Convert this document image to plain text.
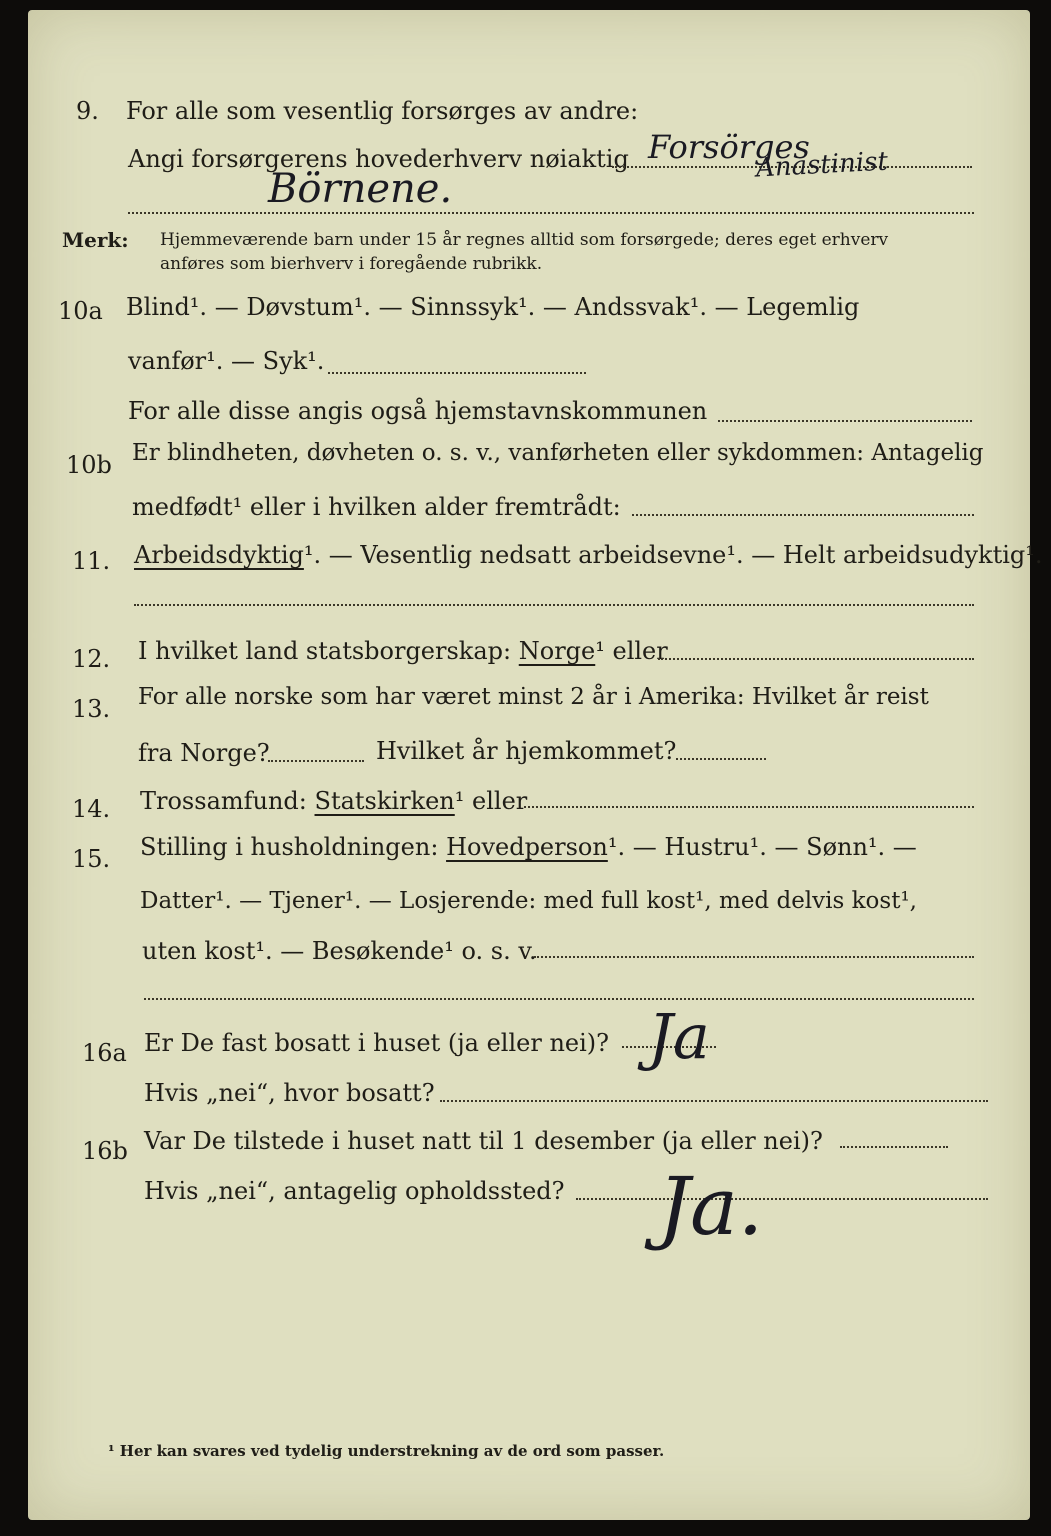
9. For alle som vesentlig forsørges av andre:
Angi forsørgerens hovederhverv nøiaktig Forsörges
Anastinist
Börnene.
Merk: Hjemmeværende barn under 15 år regnes alltid som forsørgede; deres eget erhverv
anføres som bierhverv i foregående rubrikk.
10a Blind¹. — Døvstum¹. — Sinnssyk¹. — Andssvak¹. — Legemlig
vanfør¹. — Syk¹.
For alle disse angis også hjemstavnskommunen
10b Er blindheten, døvheten o. s. v., vanførheten eller sykdommen: Antagelig
medfødt¹ eller i hvilken alder fremtrådt:
11. Arbeidsdyktig¹. — Vesentlig nedsatt arbeidsevne¹. — Helt arbeidsudyktig¹.
12. I hvilket land statsborgerskap: Norge¹ eller
13. For alle norske som har været minst 2 år i Amerika: Hvilket år reist
fra Norge?	Hvilket år hjemkommet?
14. Trossamfund: Statskirken¹ eller
15. Stilling i husholdningen: Hovedperson¹. — Hustru¹. — Sønn¹. —
Datter¹. — Tjener¹. — Losjerende: med full kost¹, med delvis kost¹,
uten kost¹. — Besøkende¹ o. s. v.
16a Er De fast bosatt i huset (ja eller nei)? Ja
Hvis „nei“, hvor bosatt?
16b Var De tilstede i huset natt til 1 desember (ja eller nei)?
Hvis „nei“, antagelig opholdssted? Ja.
¹ Her kan svares ved tydelig understrekning av de ord som passer.
